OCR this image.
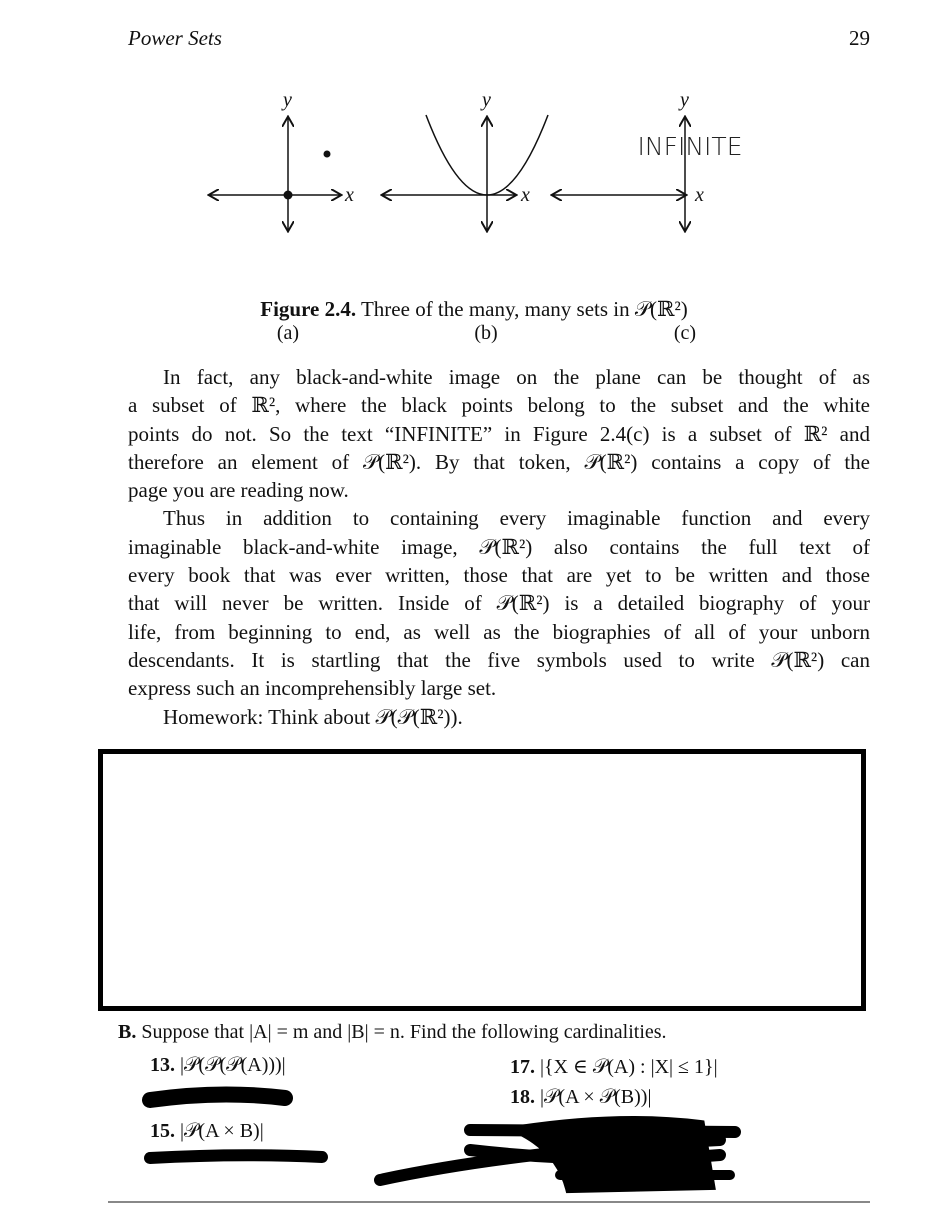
Power Sets	29
y
x
y
x
y
x
INFINITE
(a)	(b)	(c)
Figure 2.4. Three of the many, many sets in 𝒫(ℝ²)
In fact, any black-and-white image on the plane can be thought of as
a subset of ℝ², where the black points belong to the subset and the white
points do not. So the text “INFINITE” in Figure 2.4(c) is a subset of ℝ² and
therefore an element of 𝒫(ℝ²). By that token, 𝒫(ℝ²) contains a copy of the
page you are reading now.
Thus in addition to containing every imaginable function and every
imaginable black-and-white image, 𝒫(ℝ²) also contains the full text of
every book that was ever written, those that are yet to be written and those
that will never be written. Inside of 𝒫(ℝ²) is a detailed biography of your
life, from beginning to end, as well as the biographies of all of your unborn
descendants. It is startling that the five symbols used to write 𝒫(ℝ²) can
express such an incomprehensibly large set.
Homework: Think about 𝒫(𝒫(ℝ²)).
B. Suppose that |A| = m and |B| = n. Find the following cardinalities.
13. |𝒫(𝒫(𝒫(A)))|
15. |𝒫(A × B)|
17. |{X ∈ 𝒫(A) : |X| ≤ 1}|
18. |𝒫(A × 𝒫(B))|
